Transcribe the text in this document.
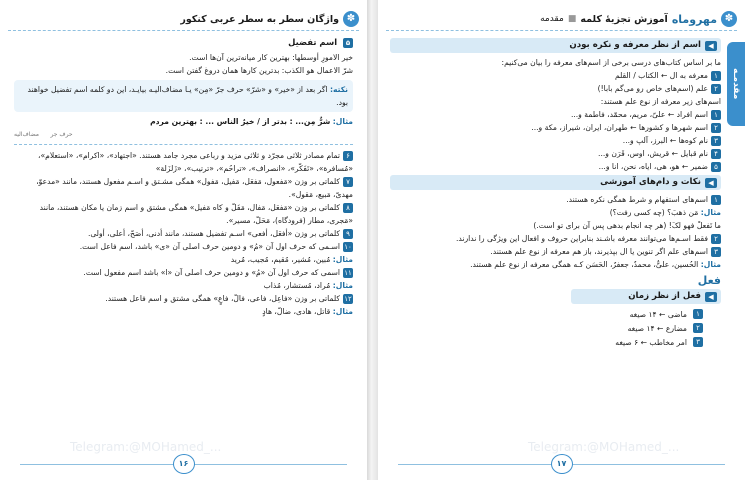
✽
واژگان سطر به سطر عربی کنکور
۵ اسم تفضیل
خیر الامورِ أوسطها: بهترین کار میانه‌ترین آن‌ها است.
شرّ الاعمال هو الکذب: بدترین کارها همان دروغ گفتن است.
نکته: اگر بعد از «خیر» و «شرّ» حرف جرّ «مِن» یـا مضاف‌الیـه بیایـد، این دو کلمه اسم تفضیل خواهند بود.
مثال: شرٌّ مِن... : بدتر از / خیرُ الناس ... : بهترین مردم
حرف جر      مضاف‌الیه
۶تمام مصادر ثلاثی مجرّد و ثلاثی مزید و رباعی مجرد جامد هستند. «اجتهاد»، «اکرام»، «استعلام»، «مُسافرة»، «تَفَکّر»، «انصراف»، «تراحُم»، «ترتیب»، «زَلزَلة»
۷کلماتی بر وزن «مَفعول، مَفعَل، مَفیل، مَفول» همگی مشـتق و اسـم مفعول هستند، مانند «مدعوّ، مهدیّ، مَبیع، مَقول».
۸کلماتی بر وزن «مَفعَل، مَفال، مَفَلّ و کاه مَفیل» همگی مشتق و اسم زمان یا مکان هستند، مانند «مَجری، مطار (فرودگاه)، مَحَلّ، مسیر».
۹کلماتی بر وزن «أفعَل، أفعی» اسـم تفضیل هستند، مانند أدنی، أصَحّ، أعلی، أولی.
۱۰اسـمی که حرف اول آن «مُ» و دومین حرف اصلی آن «ی» باشد، اسم فاعل است.
مثال: مُبین، مُشیر، مُقیم، مُجیب، مُرید
۱۱اسمی که حرف اول آن «مُ» و دومین حرف اصلی آن «ا» باشد اسم مفعول است.
مثال: مُراد، مُستشار، مُذاب
۱۲کلماتی بر وزن «فاعِل، فاعی، فالّ، فاعٍ» همگی مشتق و اسم فاعل هستند.
مثال: قاتل، هادی، ضالّ، هادٍ
Telegram:@MOHamed_...
۱۶
✽
مهروماه
آموزش تجزیهٔ کلمه
■
مقدمه
مقدمـه
◀
اسم از نظر معرفه و نکره بودن
ما بر اساس کتاب‌های درسی برخی از اسم‌های معرفه را بیان می‌کنیم:
۱معرفه به ال ← الکتاب / القلم
۲علم (اسم‌های خاص رو می‌گم بابا!)
اسم‌های زیر معرفه از نوع علم هستند:
۱اسم افراد ← علیّ، مریم، محمّد، فاطمة و...
۲اسم شهرها و کشورها ← طهران، ایران، شیراز، مکة و...
۳نام کوه‌ها ← البرز، آلپ و...
۴نام قبایل ← قریش، اوس، قَرَن و...
۵ضمیر ← هو، هی، ایاه، نحن، انا و...
◀
نکات و دام‌های آموزشی
۱اسم‌های استفهام و شرط همگی نکره هستند.
مثال: مَن ذهبَ؟ (چه کسی رفت؟)
ما تَفعلْ فهو لکَ! (هر چه انجام بدهی پس آن برای تو است.)
۲فقط اسـم‌ها می‌توانند معرفه باشـند بنابراین حروف و افعال این ویژگی را ندارند.
۳اسم‌های علم اگر تنوین یا ال بپذیرند، باز هم معرفه از نوع علم هستند.
مثال: الحُسین، علیٌّ، محمدٌ، جعفرٌ، الحَسَن کـه همگی معرفه از نوع علم هستند.
فعل
◀
فعل از نظر زمان
۱
ماضی ← ۱۴ صیغه
۲
مضارع ← ۱۴ صیغه
۳
امر مخاطب ← ۶ صیغه
Telegram:@MOHamed_...
۱۷
